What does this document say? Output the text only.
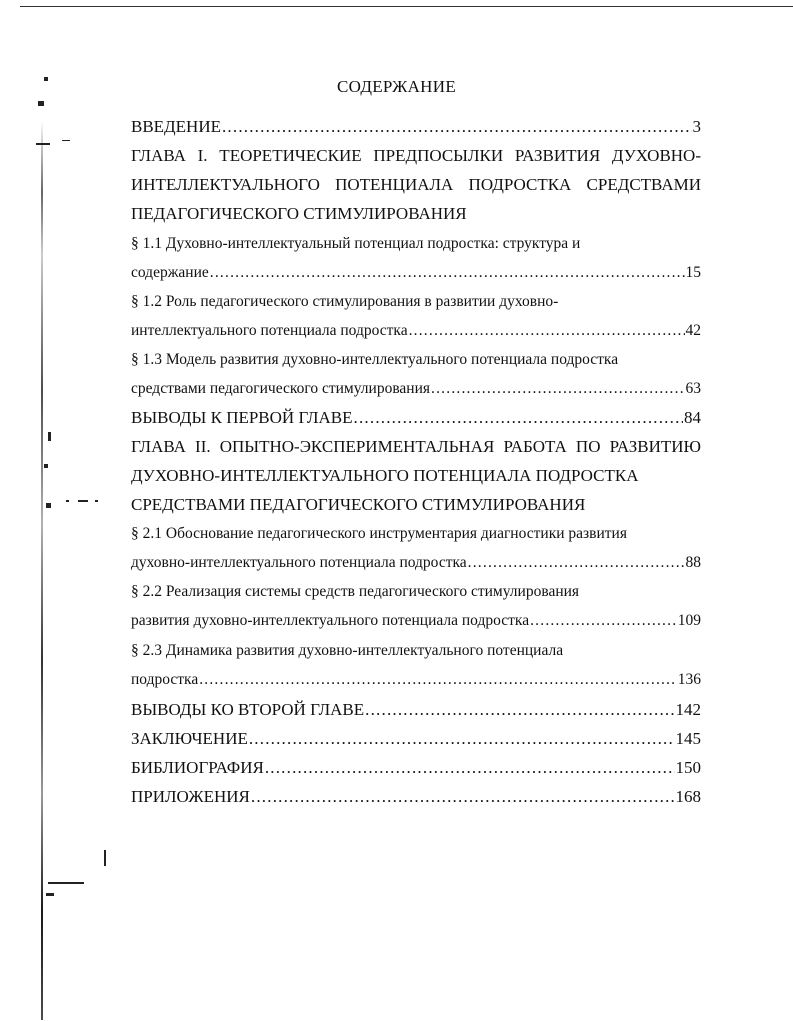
СОДЕРЖАНИЕ
ВВЕДЕНИЕ .....	3
ГЛАВА I. ТЕОРЕТИЧЕСКИЕ ПРЕДПОСЫЛКИ РАЗВИТИЯ ДУХОВНО-
ИНТЕЛЛЕКТУАЛЬНОГО ПОТЕНЦИАЛА ПОДРОСТКА СРЕДСТВАМИ
ПЕДАГОГИЧЕСКОГО СТИМУЛИРОВАНИЯ
§ 1.1 Духовно-интеллектуальный потенциал подростка: структура и
содержание .....	15
§ 1.2 Роль педагогического стимулирования в развитии духовно-
интеллектуального потенциала подростка .....	42
§ 1.3 Модель развития духовно-интеллектуального потенциала подростка
средствами педагогического стимулирования .....	63
ВЫВОДЫ К ПЕРВОЙ ГЛАВЕ .....	84
ГЛАВА II. ОПЫТНО-ЭКСПЕРИМЕНТАЛЬНАЯ РАБОТА ПО РАЗВИТИЮ
ДУХОВНО-ИНТЕЛЛЕКТУАЛЬНОГО ПОТЕНЦИАЛА ПОДРОСТКА
СРЕДСТВАМИ ПЕДАГОГИЧЕСКОГО СТИМУЛИРОВАНИЯ
§ 2.1 Обоснование педагогического инструментария диагностики развития
духовно-интеллектуального потенциала подростка .....	88
§ 2.2 Реализация системы средств педагогического стимулирования
развития духовно-интеллектуального потенциала подростка .....	109
§ 2.3 Динамика развития духовно-интеллектуального потенциала
подростка .....	136
ВЫВОДЫ КО ВТОРОЙ ГЛАВЕ .....	142
ЗАКЛЮЧЕНИЕ .....	145
БИБЛИОГРАФИЯ .....	150
ПРИЛОЖЕНИЯ .....	168
